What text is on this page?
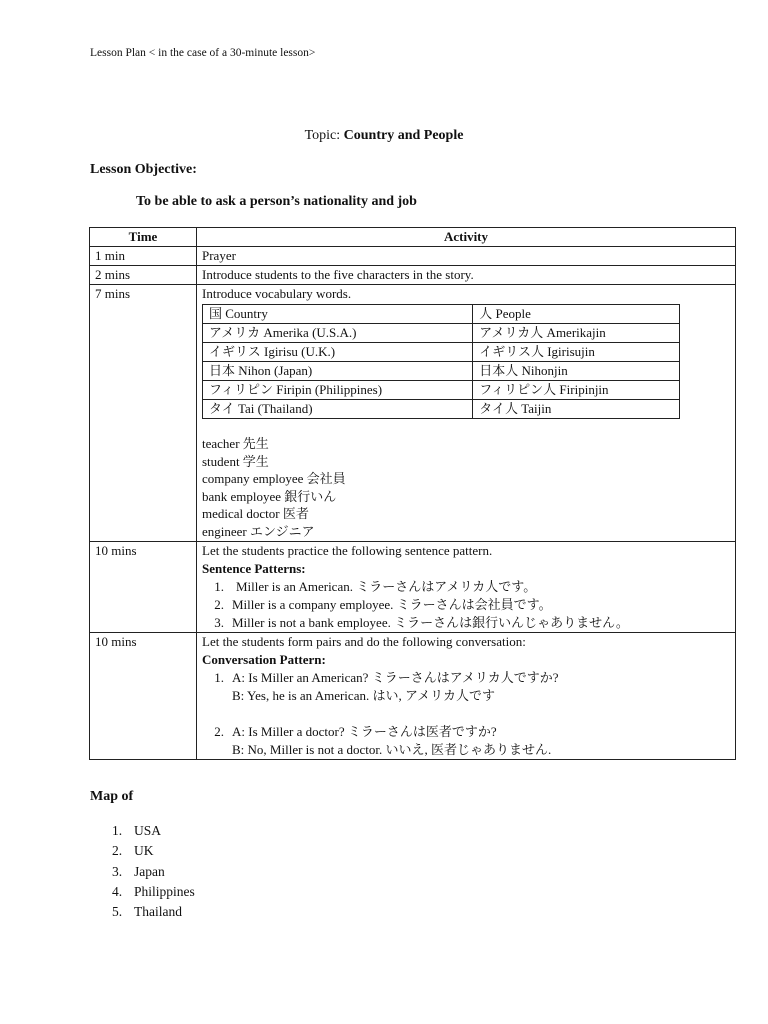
Lesson Plan < in the case of a 30-minute lesson>
Topic: Country and People
Lesson Objective:
To be able to ask a person’s nationality and job
Time	Activity
1 min	Prayer
2 mins	Introduce students to the five characters in the story.
7 mins	Introduce vocabulary words.
国 Country	人 People
アメリカ Amerika (U.S.A.)	アメリカ人 Amerikajin
イギリス Igirisu (U.K.)	イギリス人 Igirisujin
日本 Nihon (Japan)	日本人 Nihonjin
フィリピン Firipin (Philippines)	フィリピン人 Firipinjin
タイ Tai (Thailand)	タイ人 Taijin
teacher 先生
student 学生
company employee 会社員
bank employee 銀行いん
medical doctor 医者
engineer エンジニア

10 mins	Let the students practice the following sentence pattern.
Sentence Patterns:
1. Miller is an American. ミラーさんはアメリカ人です。
2. Miller is a company employee. ミラーさんは会社員です。
3. Miller is not a bank employee. ミラーさんは銀行いんじゃありません。

10 mins	Let the students form pairs and do the following conversation:
Conversation Pattern:
1. A: Is Miller an American? ミラーさんはアメリカ人ですか?
B: Yes, he is an American. はい, アメリカ人です
2. A: Is Miller a doctor? ミラーさんは医者ですか?
B: No, Miller is not a doctor. いいえ, 医者じゃありません.
Map of
1. USA
2. UK
3. Japan
4. Philippines
5. Thailand
